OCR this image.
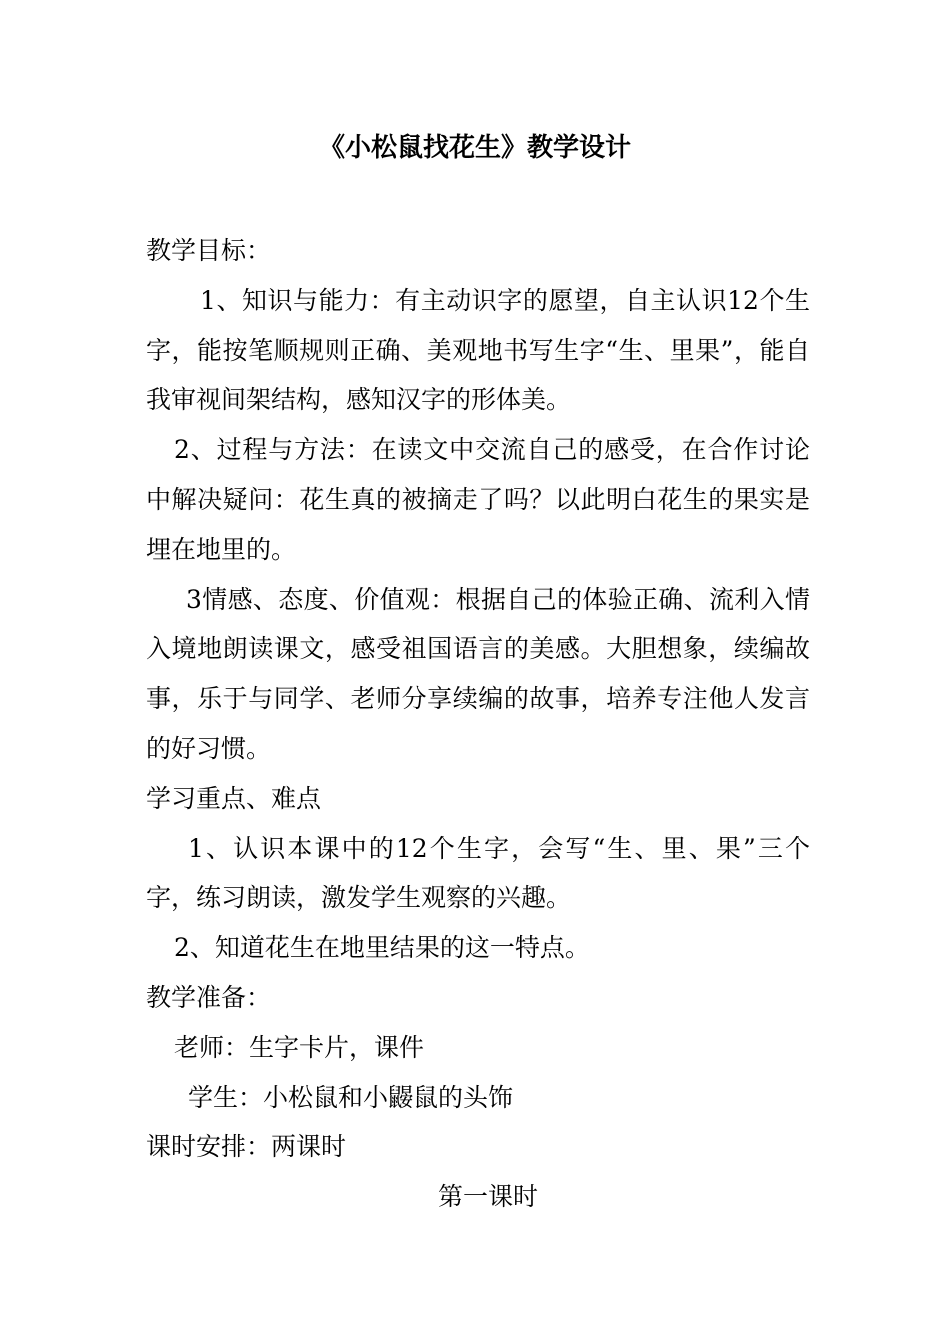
《小松鼠找花生》教学设计

教学目标：

1、知识与能力：有主动识字的愿望，自主认识12个生字，能按笔顺规则正确、美观地书写生字“生、里果”，能自我审视间架结构，感知汉字的形体美。

2、过程与方法：在读文中交流自己的感受，在合作讨论中解决疑问：花生真的被摘走了吗？以此明白花生的果实是埋在地里的。

3情感、态度、价值观：根据自己的体验正确、流利入情入境地朗读课文，感受祖国语言的美感。大胆想象，续编故事，乐于与同学、老师分享续编的故事，培养专注他人发言的好习惯。

学习重点、难点

1、认识本课中的12个生字，会写“生、里、果”三个字，练习朗读，激发学生观察的兴趣。

2、知道花生在地里结果的这一特点。

教学准备：

老师：生字卡片，课件

学生：小松鼠和小鼹鼠的头饰

课时安排：两课时

第一课时
